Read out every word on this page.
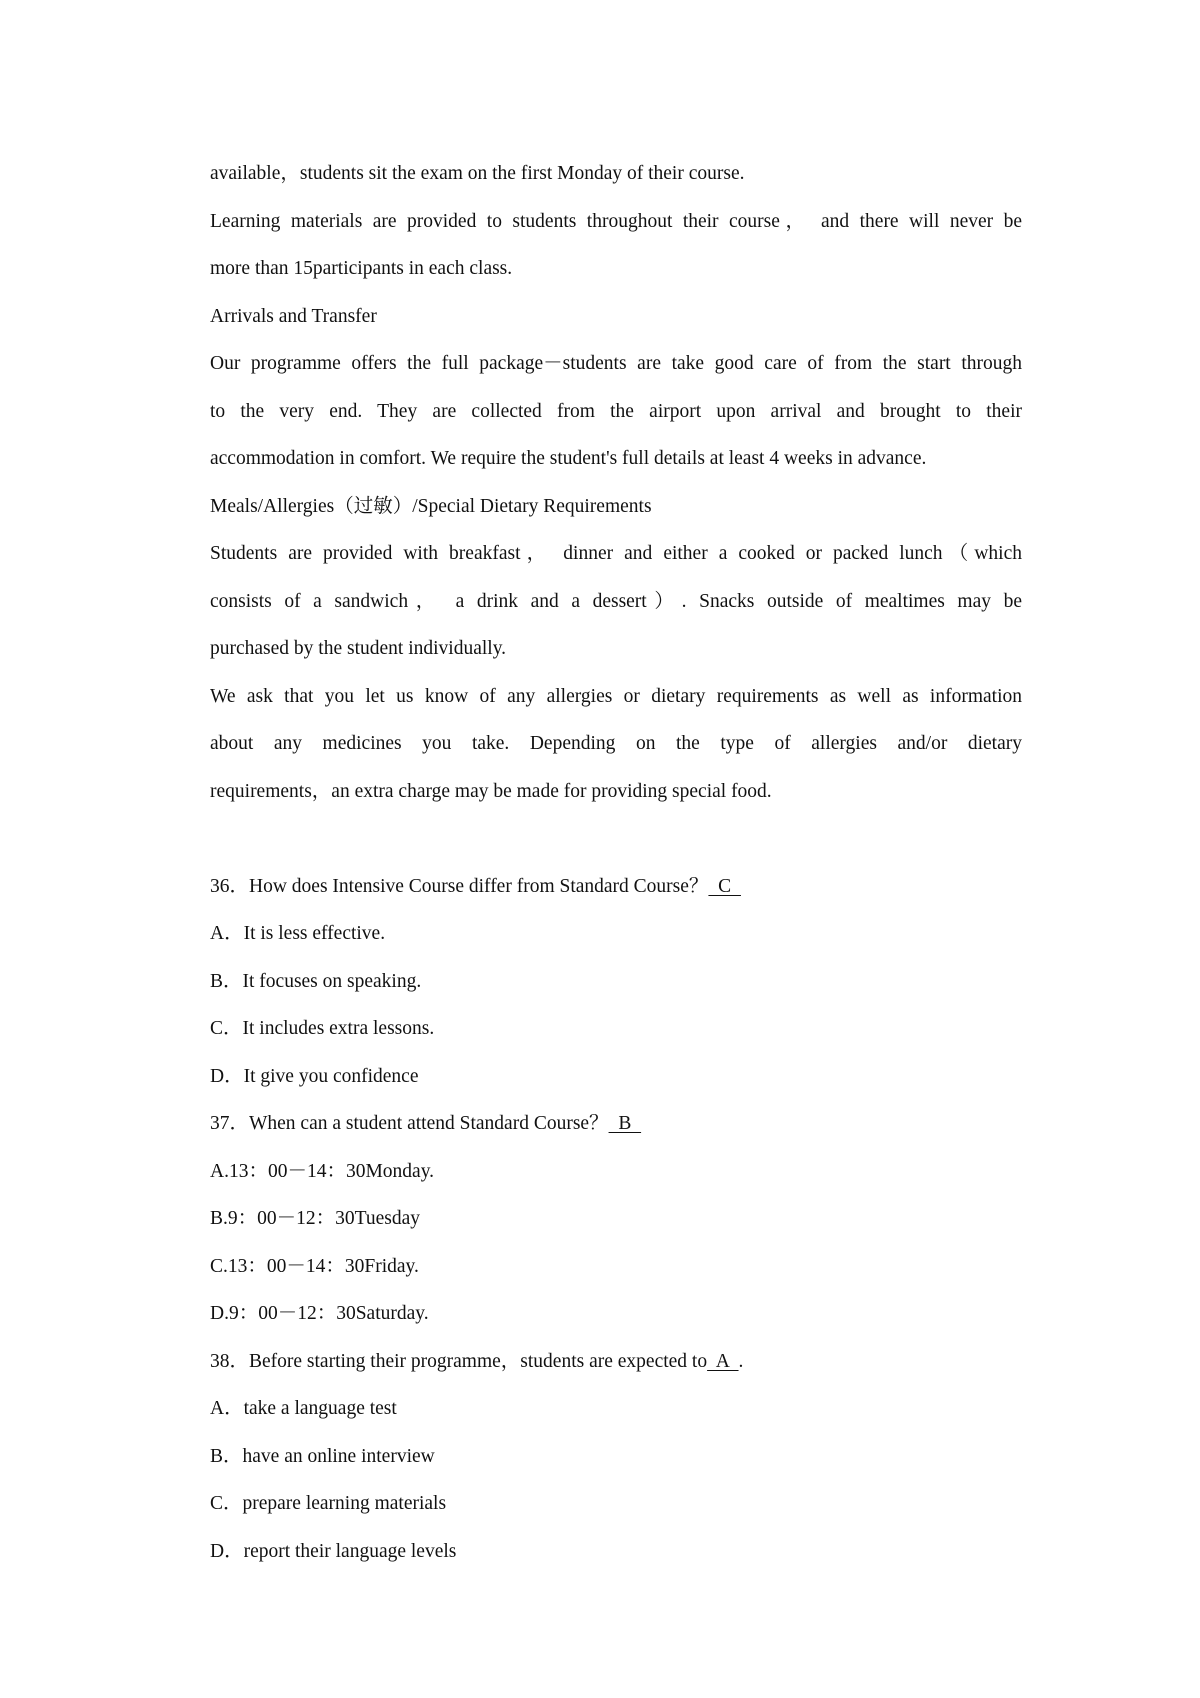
available，students sit the exam on the first Monday of their course.
Learning materials are provided to students throughout their course， and there will never be
more than 15participants in each class.
Arrivals and Transfer
Our programme offers the full package－students are take good care of from the start through
to the very end. They are collected from the airport upon arrival and brought to their
accommodation in comfort. We require the student's full details at least 4 weeks in advance.
Meals/Allergies（过敏）/Special Dietary Requirements
Students are provided with breakfast， dinner and either a cooked or packed lunch（which
consists of a sandwich， a drink and a dessert）. Snacks outside of mealtimes may be
purchased by the student individually.
We ask that you let us know of any allergies or dietary requirements as well as information
about any medicines you take. Depending on the type of allergies and/or dietary
requirements，an extra charge may be made for providing special food.
36．How does Intensive Course differ from Standard Course？  C
A．It is less effective.
B．It focuses on speaking.
C．It includes extra lessons.
D．It give you confidence
37．When can a student attend Standard Course？  B
A.13：00－14：30Monday.
B.9：00－12：30Tuesday
C.13：00－14：30Friday.
D.9：00－12：30Saturday.
38．Before starting their programme，students are expected to  A  .
A．take a language test
B．have an online interview
C．prepare learning materials
D．report their language levels
